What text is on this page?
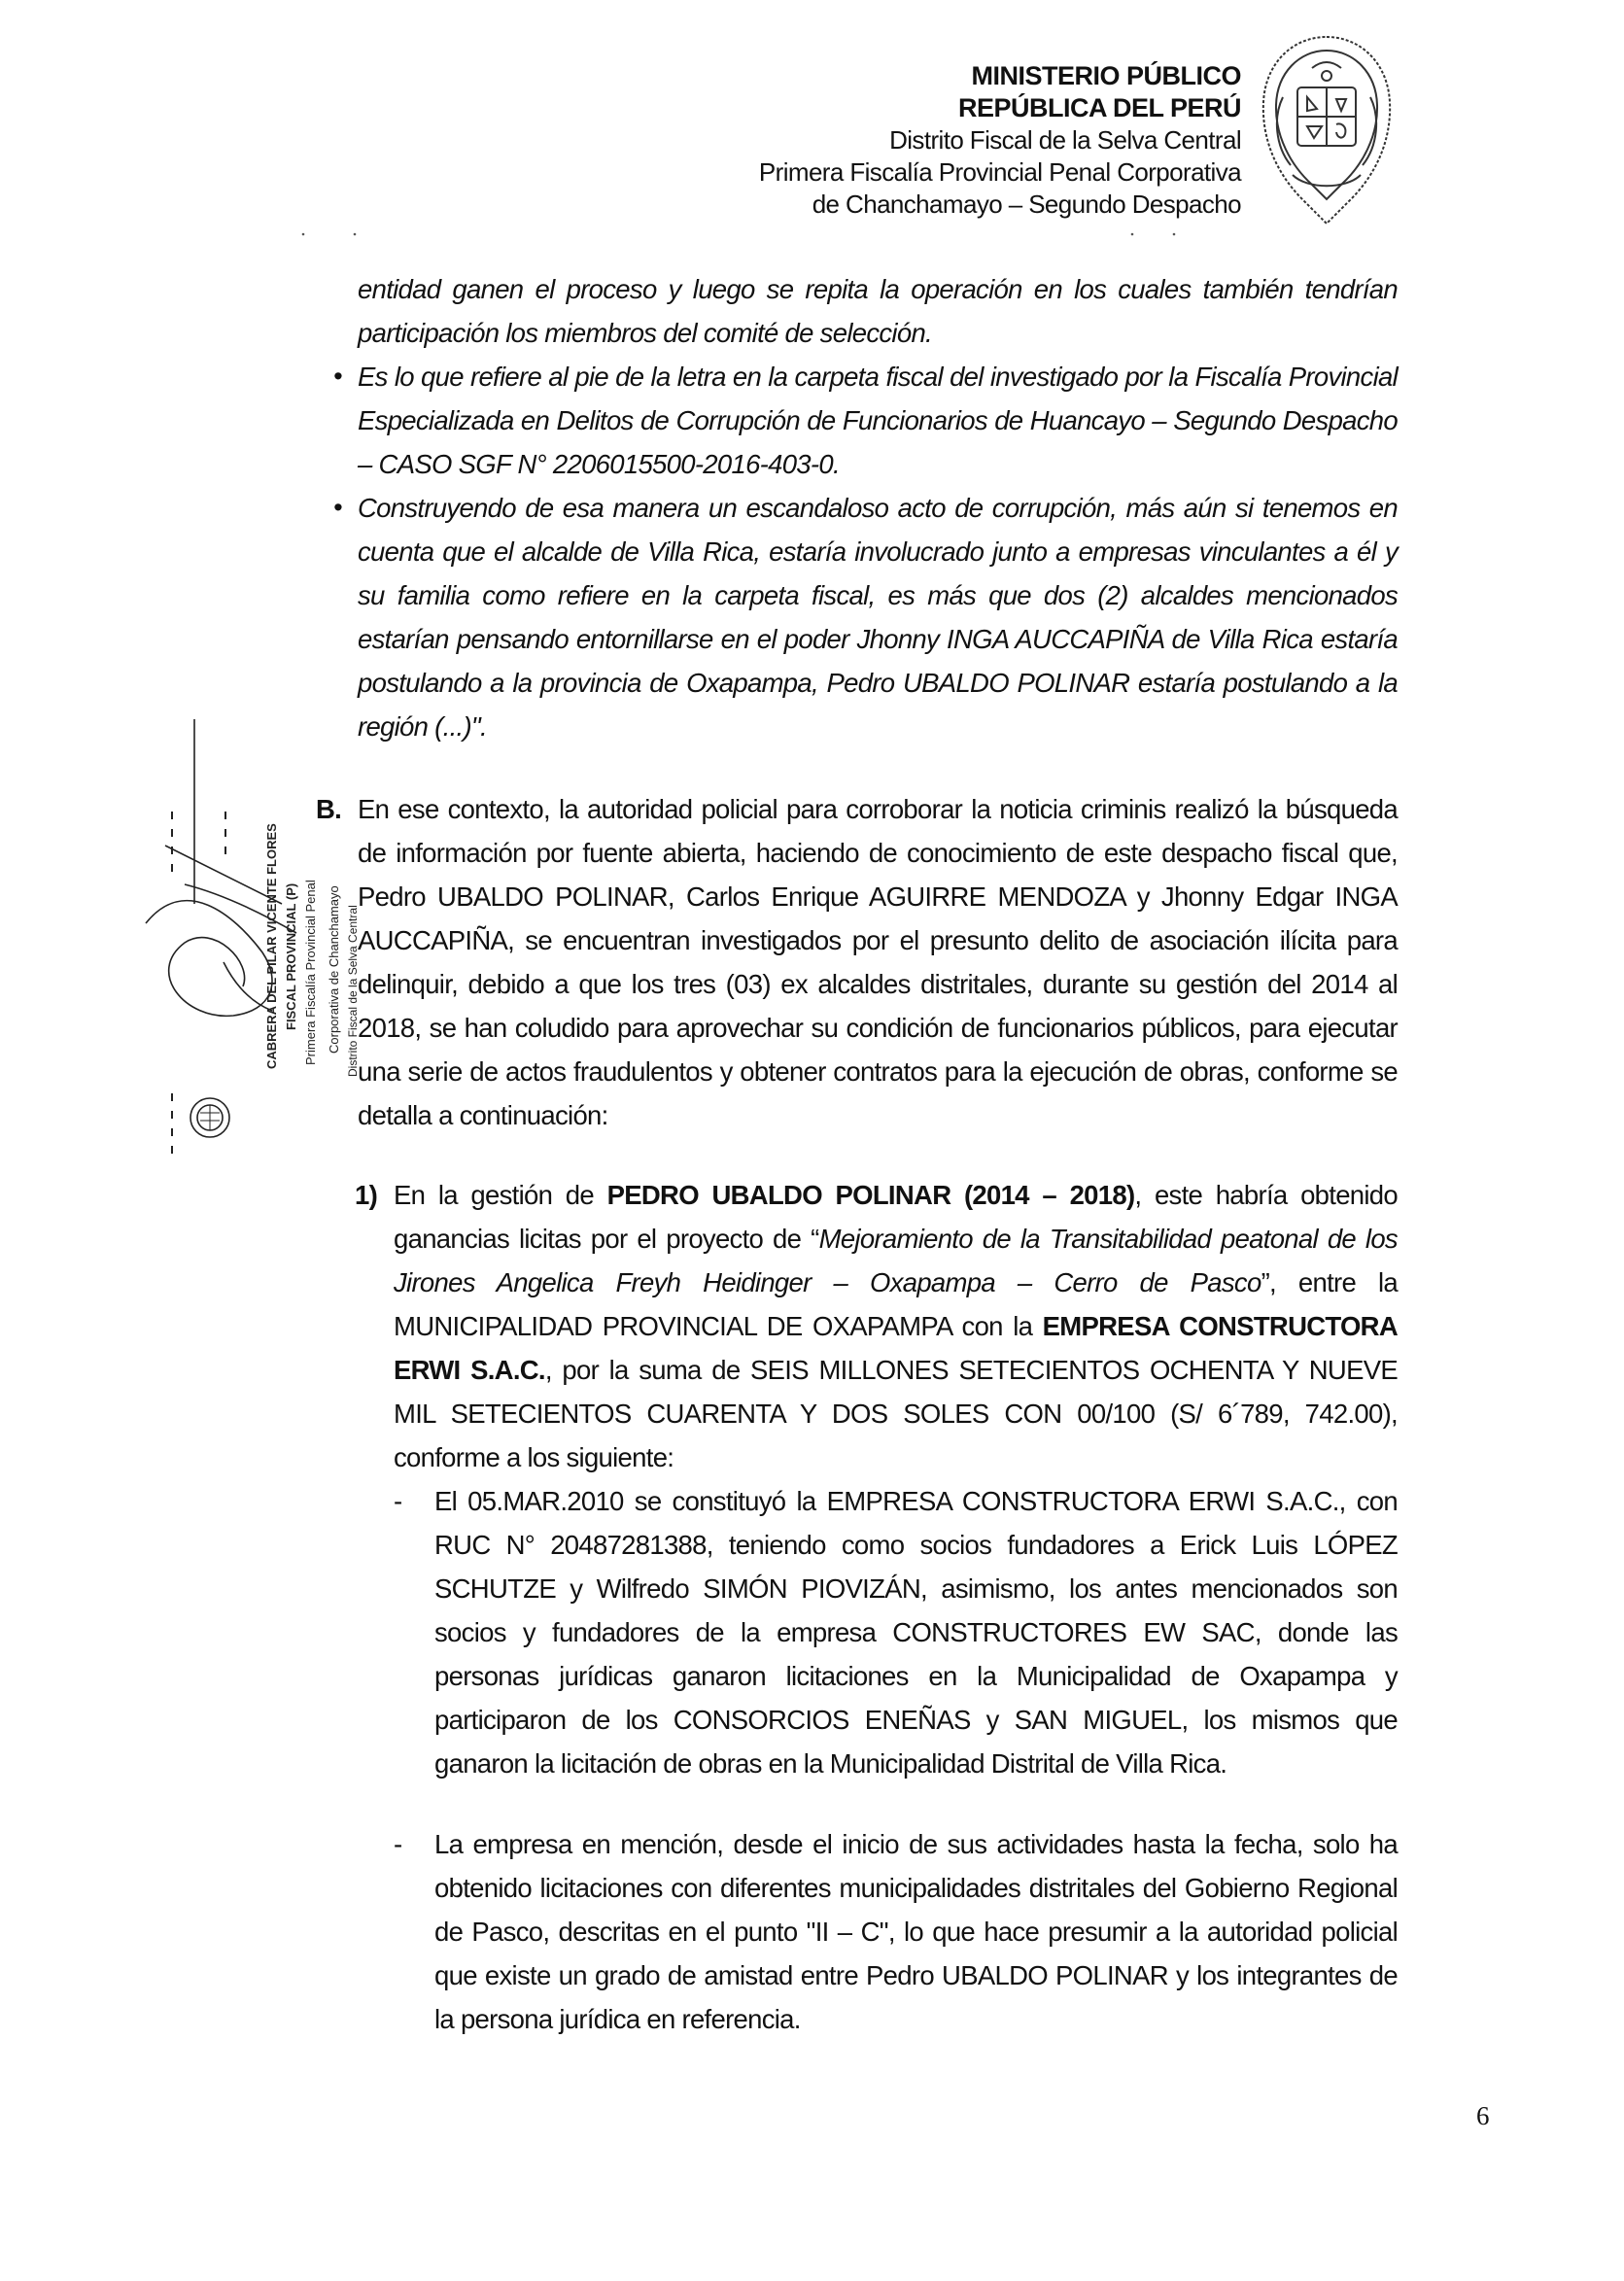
MINISTERIO PÚBLICO
REPÚBLICA DEL PERÚ
Distrito Fiscal de la Selva Central
Primera Fiscalía Provincial Penal Corporativa
de Chanchamayo – Segundo Despacho
entidad ganen el proceso y luego se repita la operación en los cuales también tendrían participación los miembros del comité de selección.
• Es lo que refiere al pie de la letra en la carpeta fiscal del investigado por la Fiscalía Provincial Especializada en Delitos de Corrupción de Funcionarios de Huancayo – Segundo Despacho – CASO SGF N° 2206015500-2016-403-0.
• Construyendo de esa manera un escandaloso acto de corrupción, más aún si tenemos en cuenta que el alcalde de Villa Rica, estaría involucrado junto a empresas vinculantes a él y su familia como refiere en la carpeta fiscal, es más que dos (2) alcaldes mencionados estarían pensando entornillarse en el poder Jhonny INGA AUCCAPIÑA de Villa Rica estaría postulando a la provincia de Oxapampa, Pedro UBALDO POLINAR estaría postulando a la región (...)".
CABRERA DEL PILAR VICENTE FLORES FISCAL PROVINCIAL (P) Primera Fiscalía Provincial Penal Corporativa de Chanchamayo Distrito Fiscal de la Selva Central
B. En ese contexto, la autoridad policial para corroborar la noticia criminis realizó la búsqueda de información por fuente abierta, haciendo de conocimiento de este despacho fiscal que, Pedro UBALDO POLINAR, Carlos Enrique AGUIRRE MENDOZA y Jhonny Edgar INGA AUCCAPIÑA, se encuentran investigados por el presunto delito de asociación ilícita para delinquir, debido a que los tres (03) ex alcaldes distritales, durante su gestión del 2014 al 2018, se han coludido para aprovechar su condición de funcionarios públicos, para ejecutar una serie de actos fraudulentos y obtener contratos para la ejecución de obras, conforme se detalla a continuación:
1) En la gestión de PEDRO UBALDO POLINAR (2014 – 2018), este habría obtenido ganancias licitas por el proyecto de “Mejoramiento de la Transitabilidad peatonal de los Jirones Angelica Freyh Heidinger – Oxapampa – Cerro de Pasco”, entre la MUNICIPALIDAD PROVINCIAL DE OXAPAMPA con la EMPRESA CONSTRUCTORA ERWI S.A.C., por la suma de SEIS MILLONES SETECIENTOS OCHENTA Y NUEVE MIL SETECIENTOS CUARENTA Y DOS SOLES CON 00/100 (S/ 6´789, 742.00), conforme a los siguiente:
- El 05.MAR.2010 se constituyó la EMPRESA CONSTRUCTORA ERWI S.A.C., con RUC N° 20487281388, teniendo como socios fundadores a Erick Luis LÓPEZ SCHUTZE y Wilfredo SIMÓN PIOVIZÁN, asimismo, los antes mencionados son socios y fundadores de la empresa CONSTRUCTORES EW SAC, donde las personas jurídicas ganaron licitaciones en la Municipalidad de Oxapampa y participaron de los CONSORCIOS ENEÑAS y SAN MIGUEL, los mismos que ganaron la licitación de obras en la Municipalidad Distrital de Villa Rica.
- La empresa en mención, desde el inicio de sus actividades hasta la fecha, solo ha obtenido licitaciones con diferentes municipalidades distritales del Gobierno Regional de Pasco, descritas en el punto "II – C", lo que hace presumir a la autoridad policial que existe un grado de amistad entre Pedro UBALDO POLINAR y los integrantes de la persona jurídica en referencia.
6
